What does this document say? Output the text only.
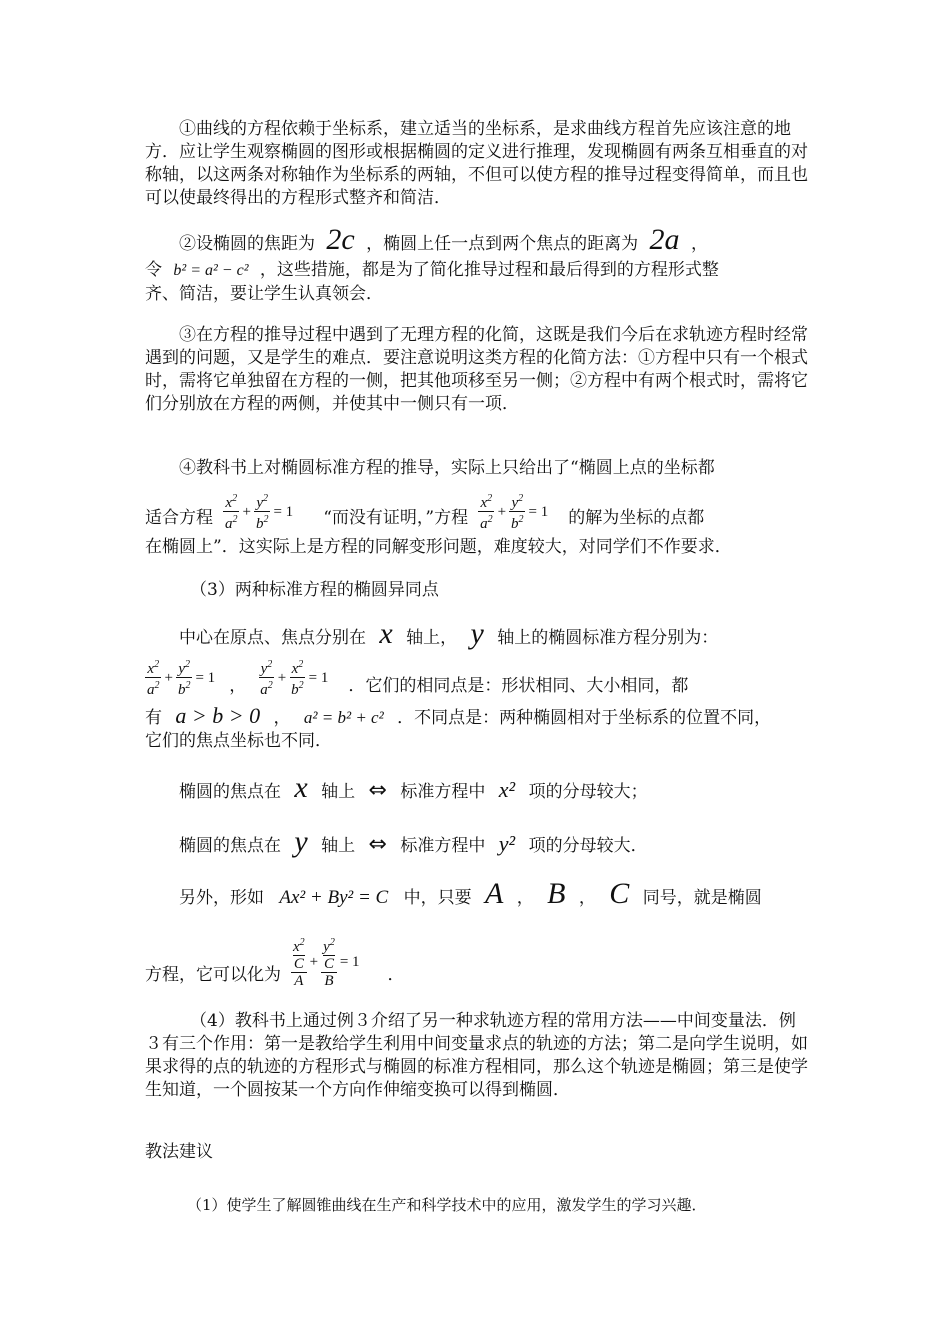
①曲线的方程依赖于坐标系，建立适当的坐标系，是求曲线方程首先应该注意的地方．应让学生观察椭圆的图形或根据椭圆的定义进行推理，发现椭圆有两条互相垂直的对称轴，以这两条对称轴作为坐标系的两轴，不但可以使方程的推导过程变得简单，而且也可以使最终得出的方程形式整齐和简洁．

②设椭圆的焦距为 2c ，椭圆上任一点到两个焦点的距离为 2a ，
令 b² = a² − c² ，这些措施，都是为了简化推导过程和最后得到的方程形式整
齐、简洁，要让学生认真领会．

③在方程的推导过程中遇到了无理方程的化简，这既是我们今后在求轨迹方程时经常遇到的问题，又是学生的难点．要注意说明这类方程的化简方法：①方程中只有一个根式时，需将它单独留在方程的一侧，把其他项移至另一侧；②方程中有两个根式时，需将它们分别放在方程的两侧，并使其中一侧只有一项．

④教科书上对椭圆标准方程的推导，实际上只给出了“椭圆上点的坐标都
适合方程 $\frac{x^2}{a^2} + \frac{y^2}{b^2} = 1$ “而没有证明，”方程 $\frac{x^2}{a^2} + \frac{y^2}{b^2} = 1$ 的解为坐标的点都
在椭圆上”．这实际上是方程的同解变形问题，难度较大，对同学们不作要求．
（3）两种标准方程的椭圆异同点
中心在原点、焦点分别在 x 轴上， y 轴上的椭圆标准方程分别为：
$\frac{x^2}{a^2} + \frac{y^2}{b^2} = 1$ ， $\frac{y^2}{a^2} + \frac{x^2}{b^2} = 1$ ．它们的相同点是：形状相同、大小相同，都
有 a > b > 0 ， a² = b² + c² ．不同点是：两种椭圆相对于坐标系的位置不同，
它们的焦点坐标也不同．
椭圆的焦点在 x 轴上 ⇔ 标准方程中 x² 项的分母较大；
椭圆的焦点在 y 轴上 ⇔ 标准方程中 y² 项的分母较大．
另外，形如 Ax² + By² = C 中，只要 A ， B ， C 同号，就是椭圆
方程，它可以化为 $x^2$
C
$A + y^2$
C
B = 1
．

（4）教科书上通过例３介绍了另一种求轨迹方程的常用方法——中间变量法．例３有三个作用：第一是教给学生利用中间变量求点的轨迹的方法；第二是向学生说明，如果求得的点的轨迹的方程形式与椭圆的标准方程相同，那么这个轨迹是椭圆；第三是使学生知道，一个圆按某一个方向作伸缩变换可以得到椭圆．

教法建议
（1）使学生了解圆锥曲线在生产和科学技术中的应用，激发学生的学习兴趣．
